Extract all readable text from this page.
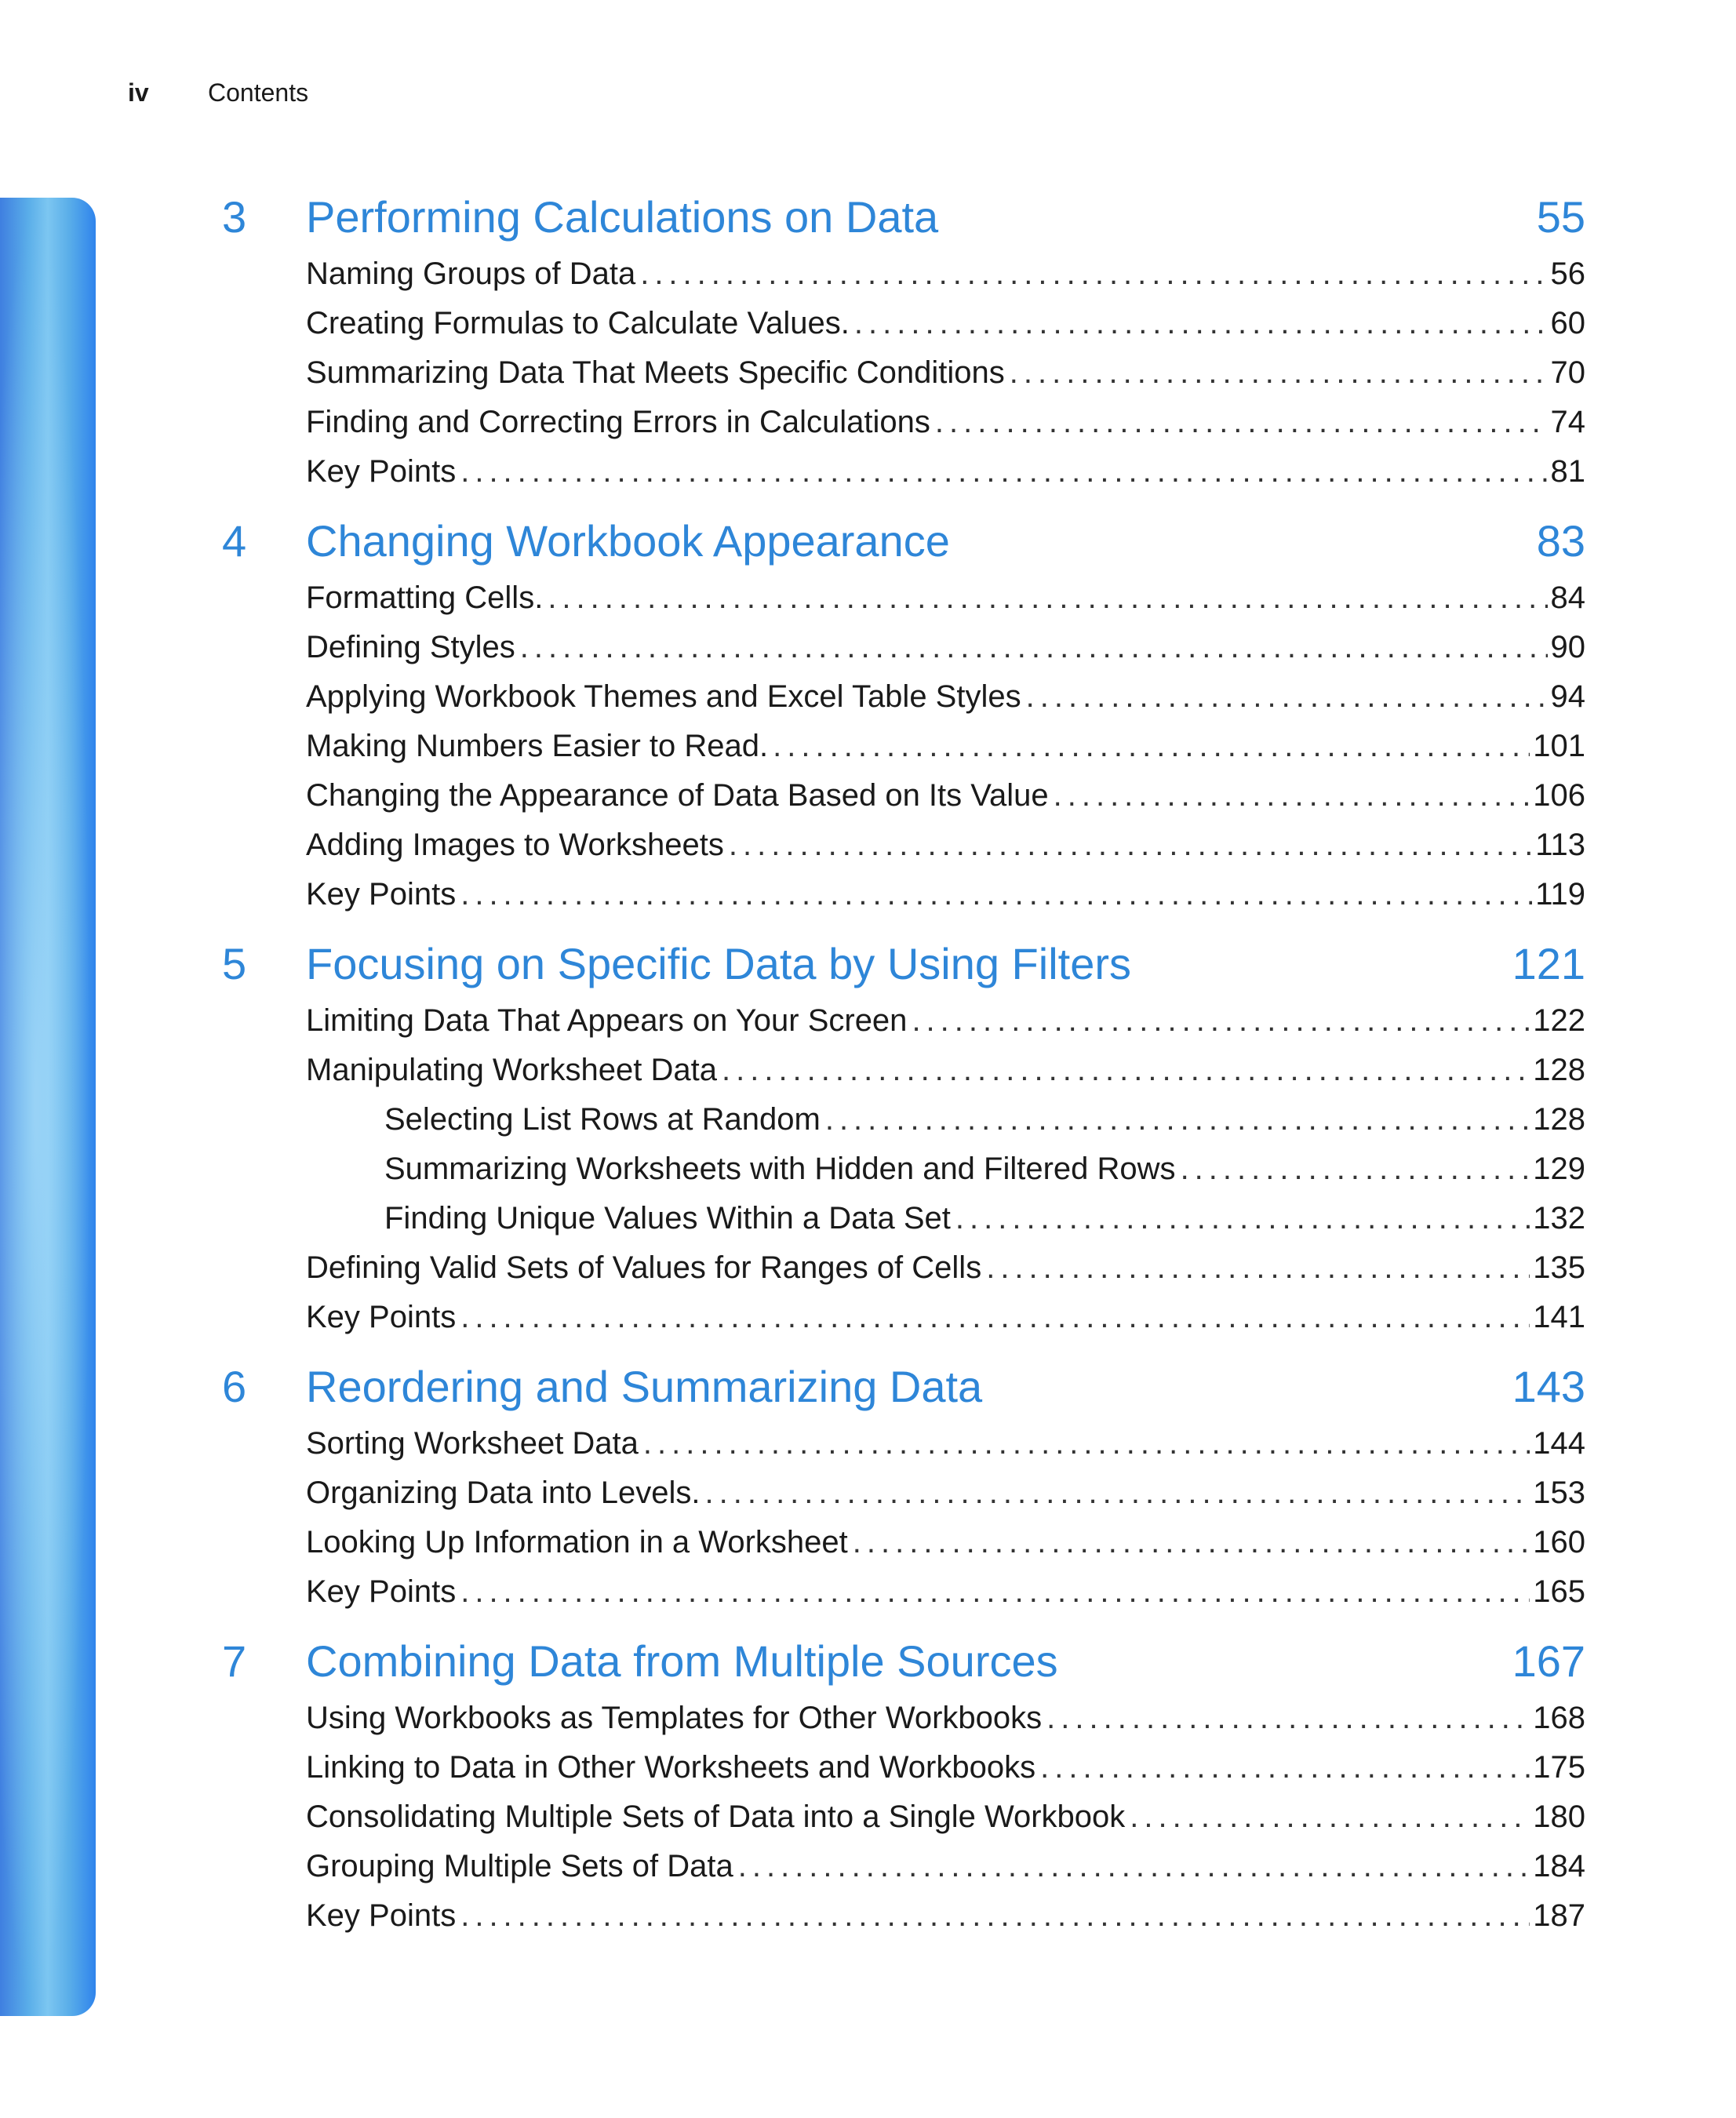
iv	Contents
3	Performing Calculations on Data	55
Naming Groups of Data .....	56
Creating Formulas to Calculate Values. .....	60
Summarizing Data That Meets Specific Conditions .....	70
Finding and Correcting Errors in Calculations .....	74
Key Points .....	81
4	Changing Workbook Appearance	83
Formatting Cells. .....	84
Defining Styles .....	90
Applying Workbook Themes and Excel Table Styles .....	94
Making Numbers Easier to Read. .....	101
Changing the Appearance of Data Based on Its Value .....	106
Adding Images to Worksheets .....	113
Key Points .....	119
5	Focusing on Specific Data by Using Filters	121
Limiting Data That Appears on Your Screen .....	122
Manipulating Worksheet Data .....	128
Selecting List Rows at Random .....	128
Summarizing Worksheets with Hidden and Filtered Rows .....	129
Finding Unique Values Within a Data Set .....	132
Defining Valid Sets of Values for Ranges of Cells .....	135
Key Points .....	141
6	Reordering and Summarizing Data	143
Sorting Worksheet Data .....	144
Organizing Data into Levels. .....	153
Looking Up Information in a Worksheet .....	160
Key Points .....	165
7	Combining Data from Multiple Sources	167
Using Workbooks as Templates for Other Workbooks .....	168
Linking to Data in Other Worksheets and Workbooks .....	175
Consolidating Multiple Sets of Data into a Single Workbook .....	180
Grouping Multiple Sets of Data .....	184
Key Points .....	187
